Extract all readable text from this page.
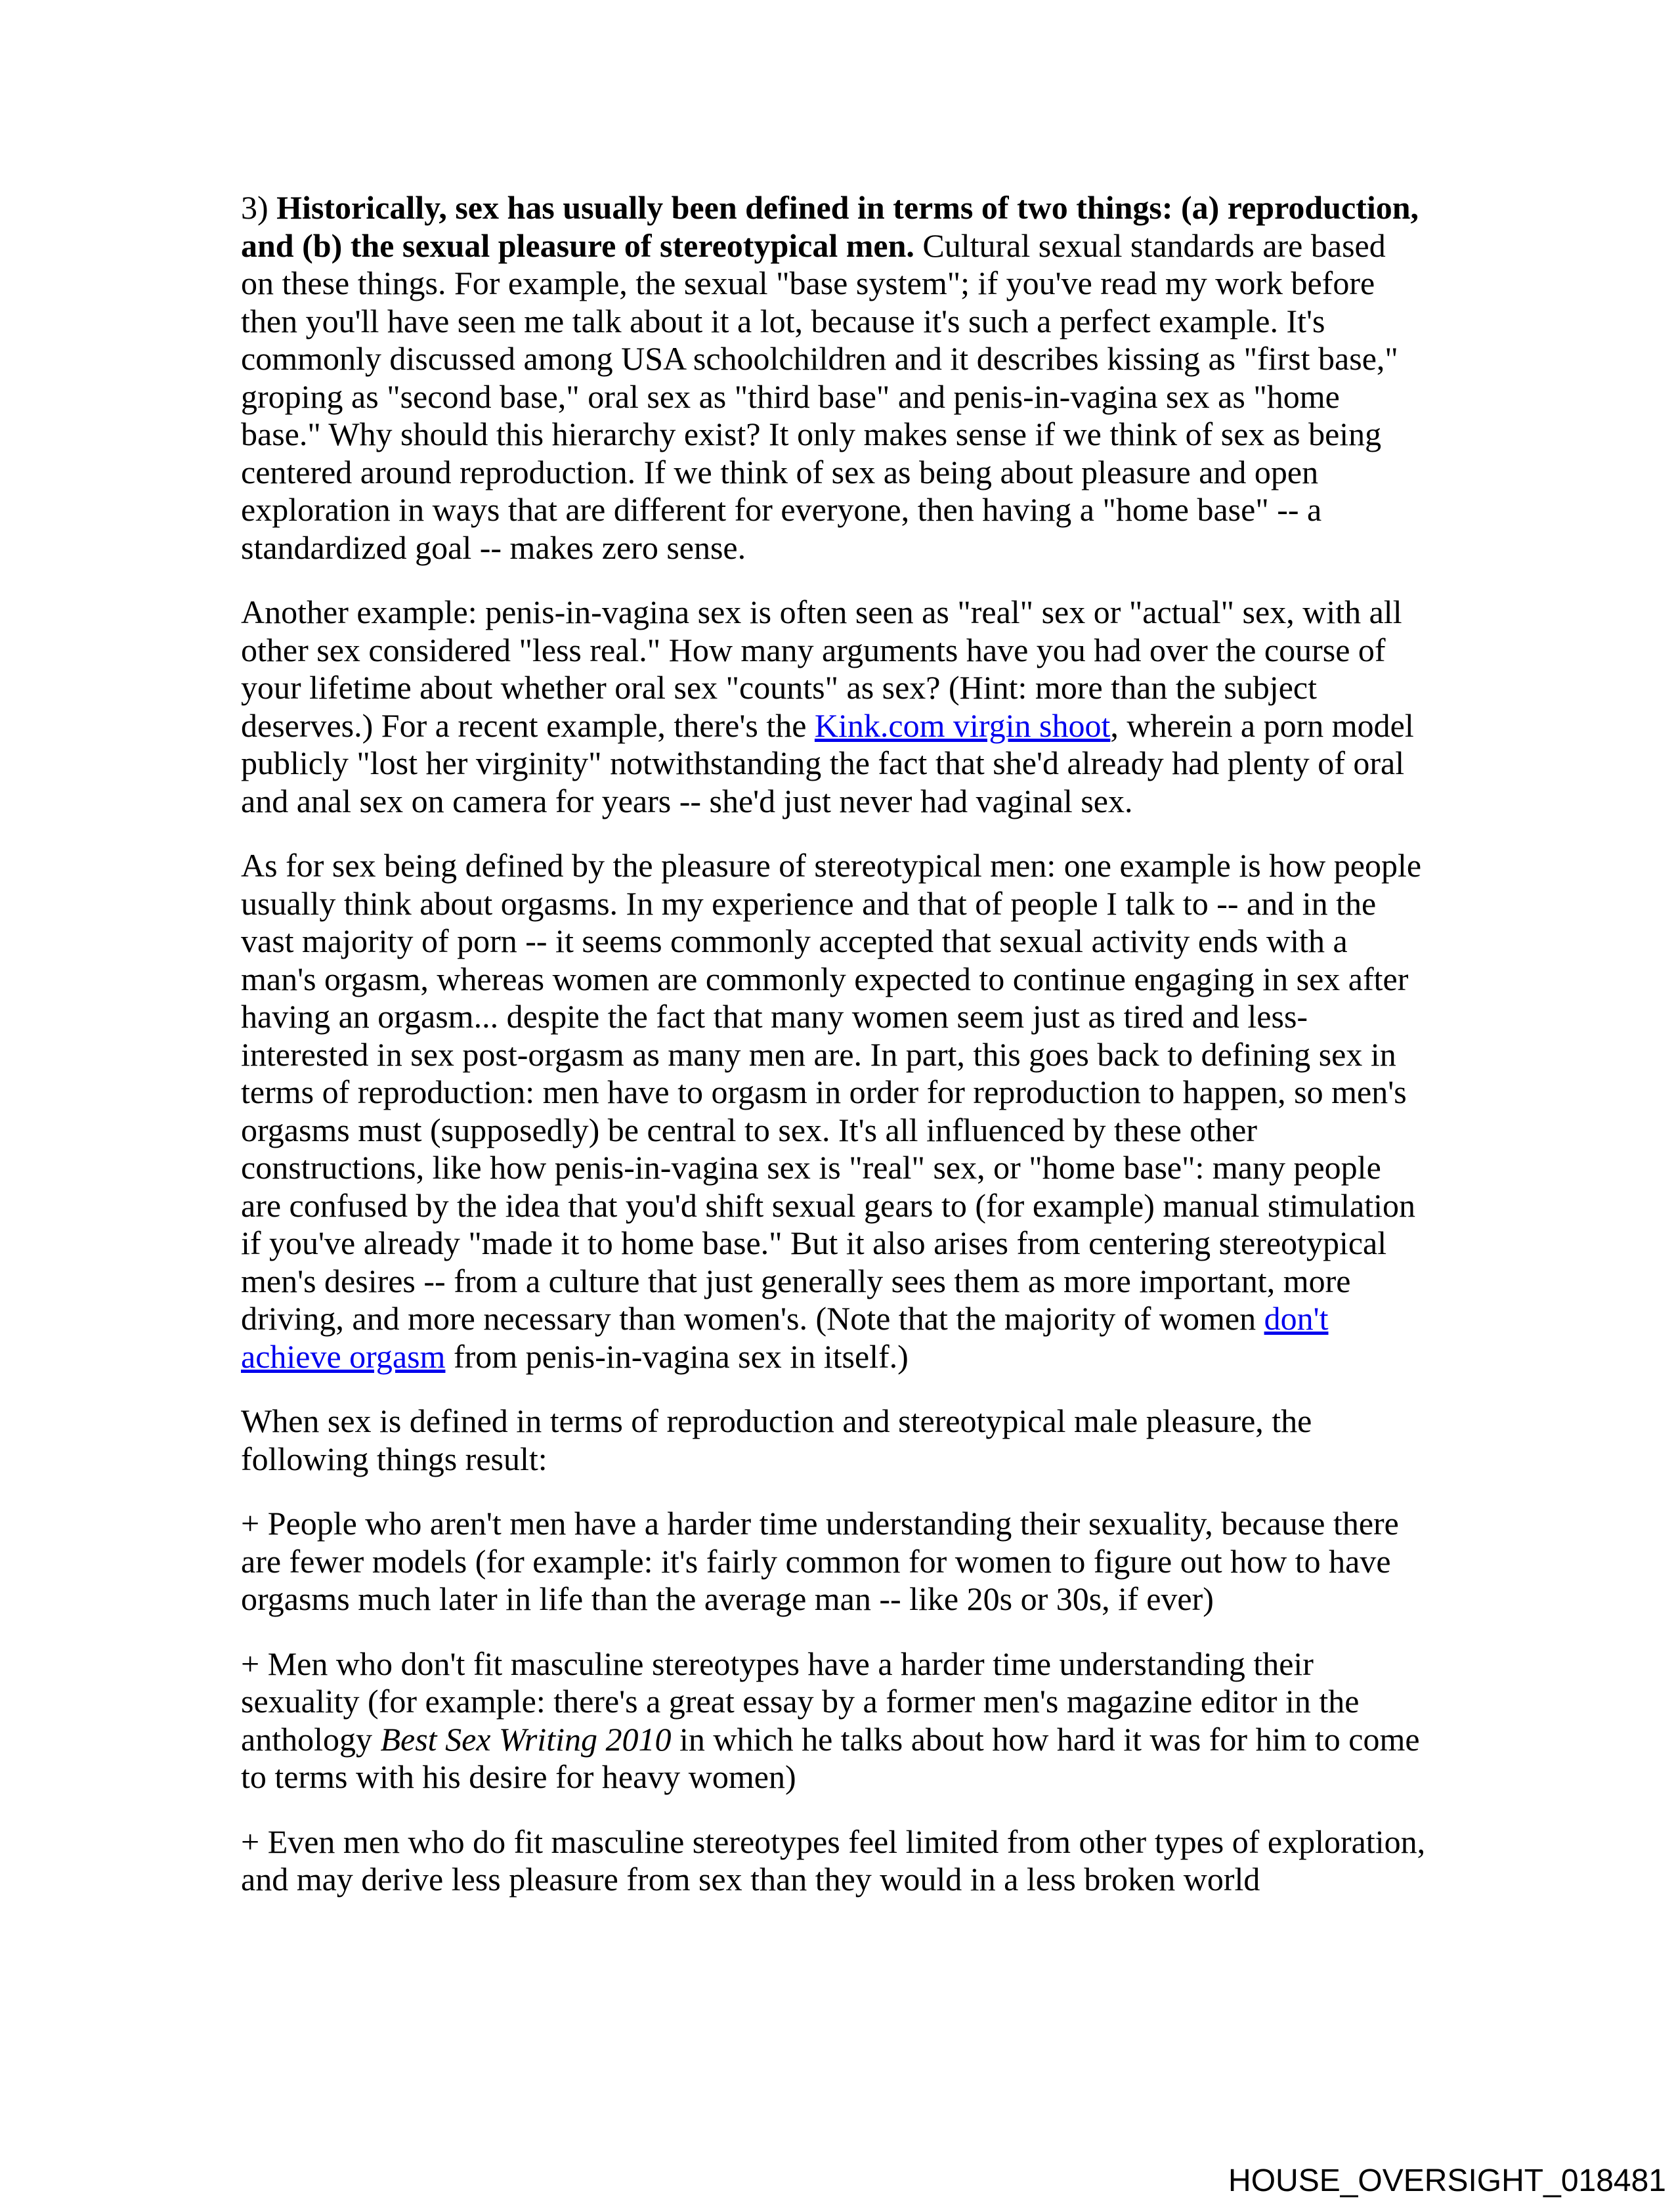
3) Historically, sex has usually been defined in terms of two things: (a) reproduction, and (b) the sexual pleasure of stereotypical men. Cultural sexual standards are based on these things. For example, the sexual "base system"; if you've read my work before then you'll have seen me talk about it a lot, because it's such a perfect example. It's commonly discussed among USA schoolchildren and it describes kissing as "first base," groping as "second base," oral sex as "third base" and penis-in-vagina sex as "home base." Why should this hierarchy exist? It only makes sense if we think of sex as being centered around reproduction. If we think of sex as being about pleasure and open exploration in ways that are different for everyone, then having a "home base" -- a standardized goal -- makes zero sense.

Another example: penis-in-vagina sex is often seen as "real" sex or "actual" sex, with all other sex considered "less real." How many arguments have you had over the course of your lifetime about whether oral sex "counts" as sex? (Hint: more than the subject deserves.) For a recent example, there's the Kink.com virgin shoot, wherein a porn model publicly "lost her virginity" notwithstanding the fact that she'd already had plenty of oral and anal sex on camera for years -- she'd just never had vaginal sex.

As for sex being defined by the pleasure of stereotypical men: one example is how people usually think about orgasms. In my experience and that of people I talk to -- and in the vast majority of porn -- it seems commonly accepted that sexual activity ends with a man's orgasm, whereas women are commonly expected to continue engaging in sex after having an orgasm... despite the fact that many women seem just as tired and less-interested in sex post-orgasm as many men are. In part, this goes back to defining sex in terms of reproduction: men have to orgasm in order for reproduction to happen, so men's orgasms must (supposedly) be central to sex. It's all influenced by these other constructions, like how penis-in-vagina sex is "real" sex, or "home base": many people are confused by the idea that you'd shift sexual gears to (for example) manual stimulation if you've already "made it to home base." But it also arises from centering stereotypical men's desires -- from a culture that just generally sees them as more important, more driving, and more necessary than women's. (Note that the majority of women don't achieve orgasm from penis-in-vagina sex in itself.)

When sex is defined in terms of reproduction and stereotypical male pleasure, the following things result:

+ People who aren't men have a harder time understanding their sexuality, because there are fewer models (for example: it's fairly common for women to figure out how to have orgasms much later in life than the average man -- like 20s or 30s, if ever)

+ Men who don't fit masculine stereotypes have a harder time understanding their sexuality (for example: there's a great essay by a former men's magazine editor in the anthology Best Sex Writing 2010 in which he talks about how hard it was for him to come to terms with his desire for heavy women)

+ Even men who do fit masculine stereotypes feel limited from other types of exploration, and may derive less pleasure from sex than they would in a less broken world

HOUSE_OVERSIGHT_018481
